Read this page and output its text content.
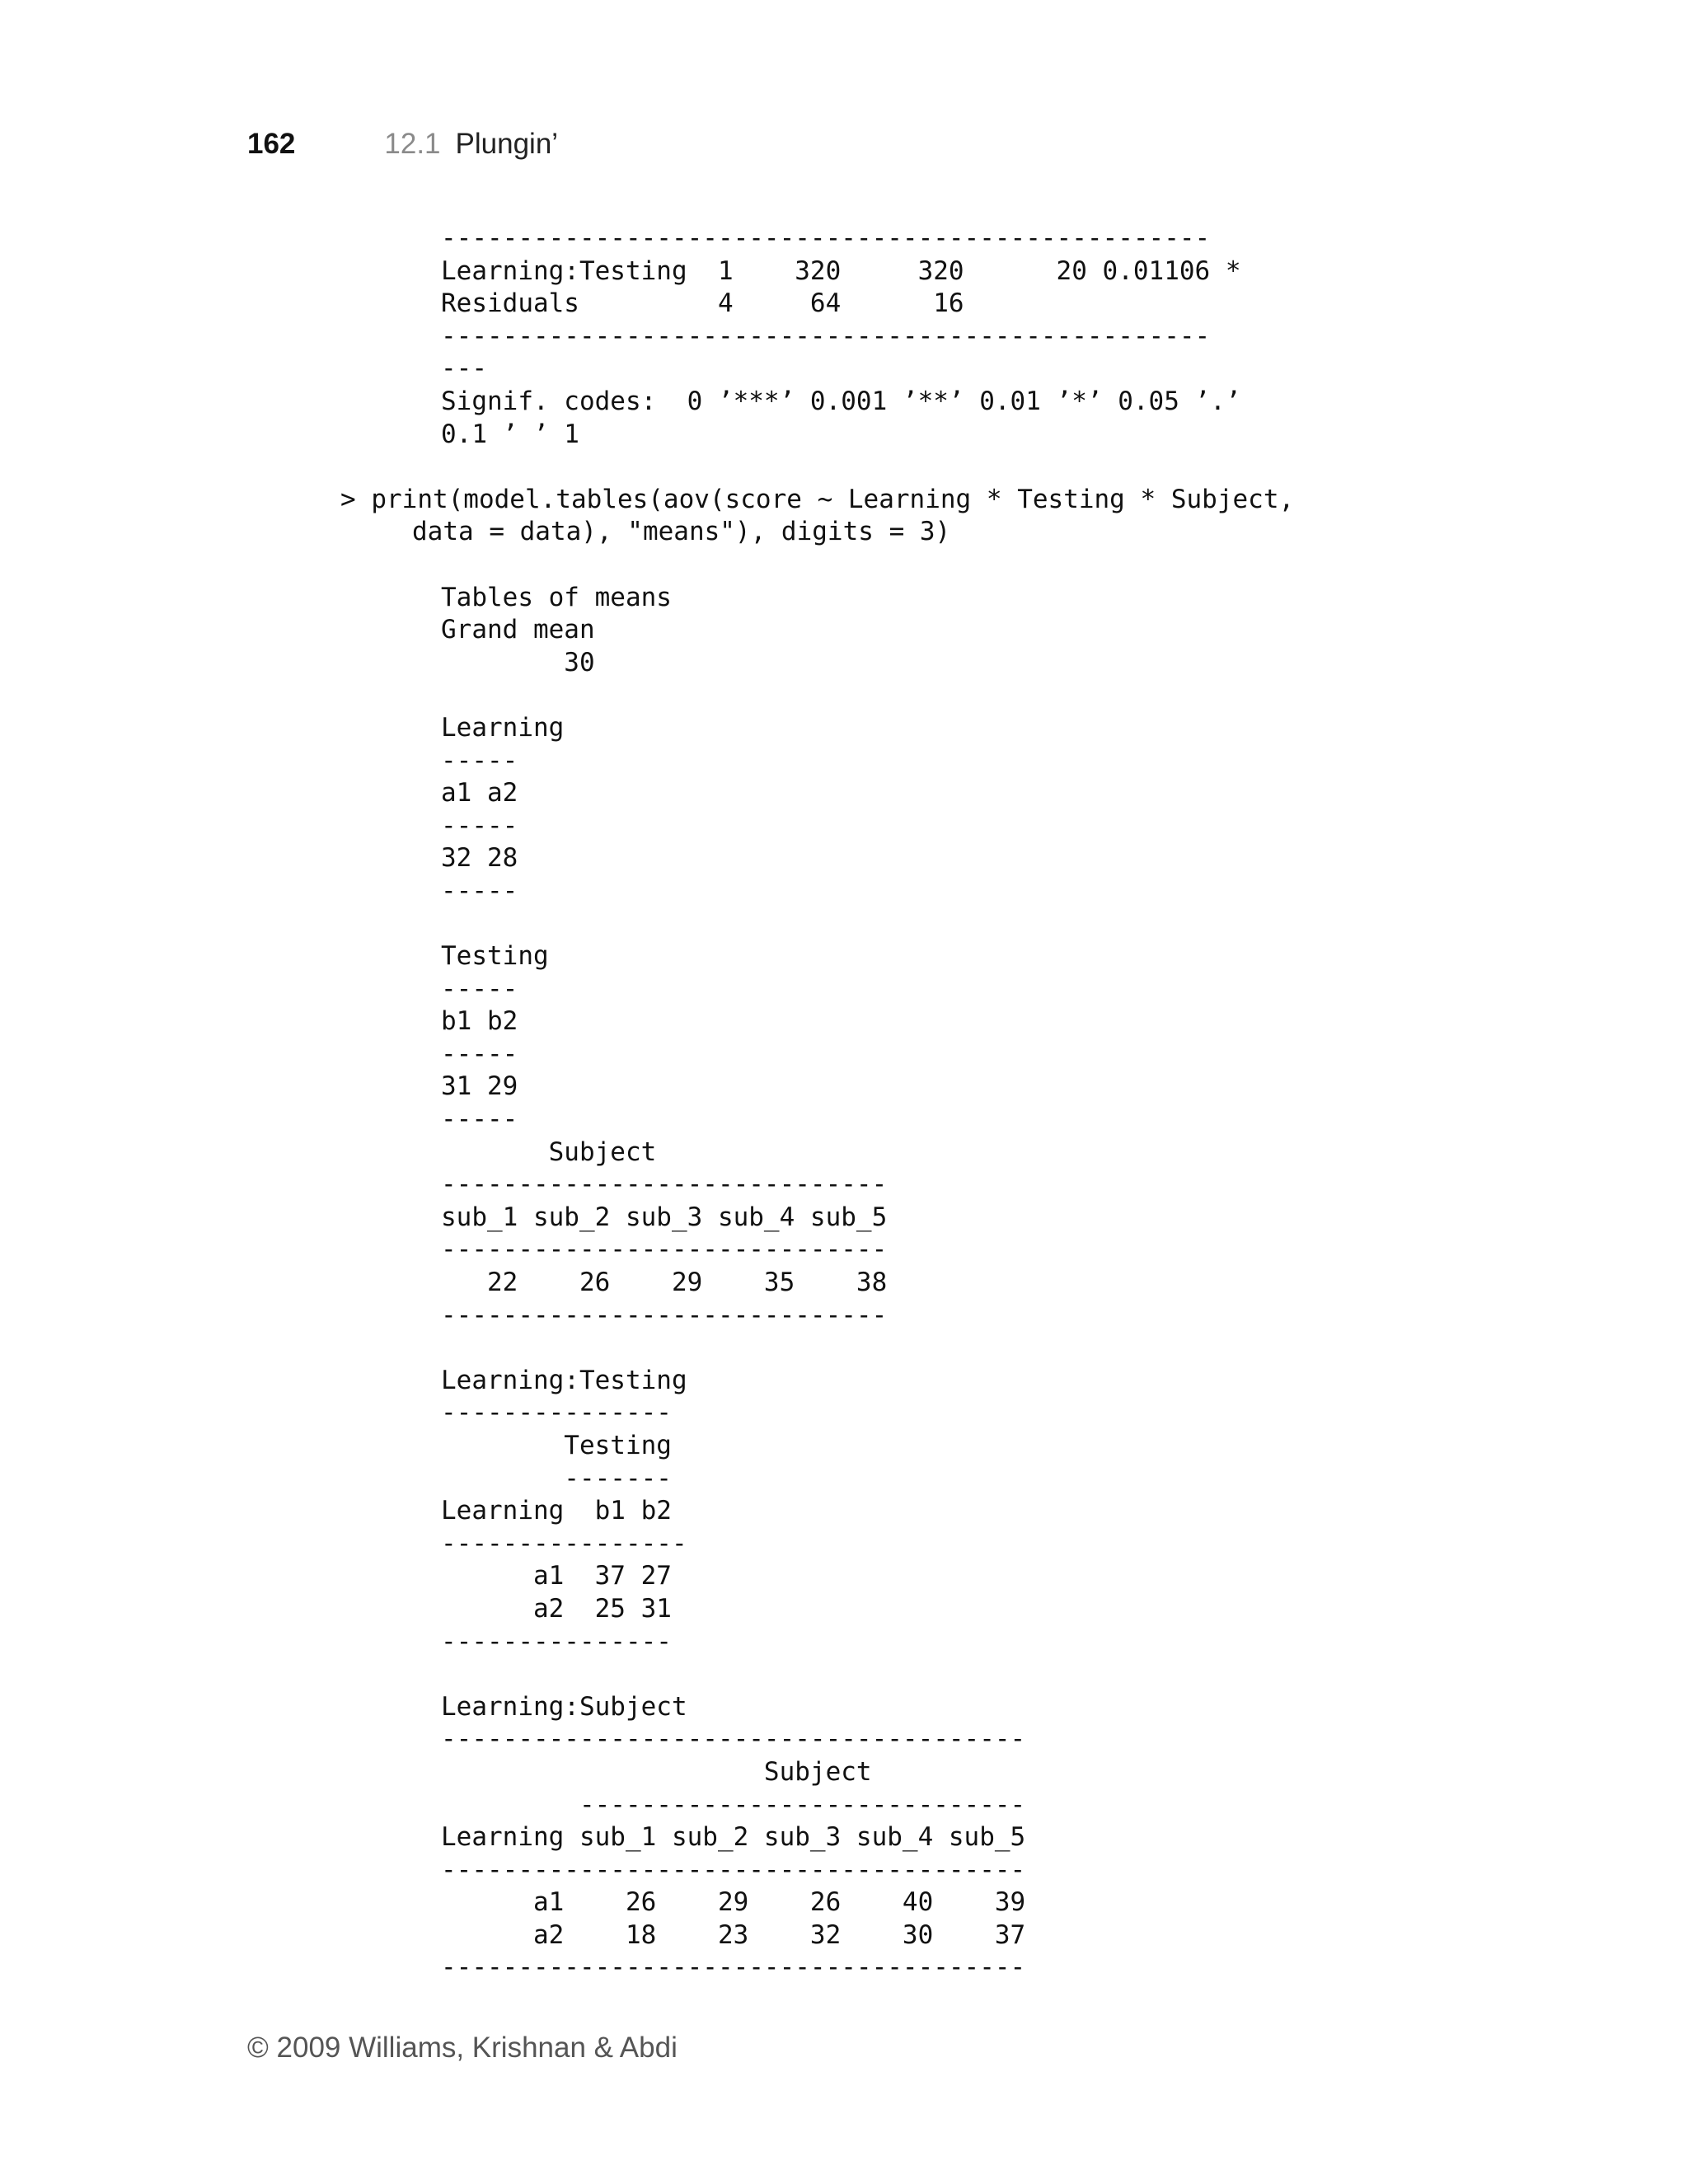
162	12.1 Plungin’
--------------------------------------------------
Learning:Testing  1    320     320      20 0.01106 *
Residuals         4     64      16
--------------------------------------------------
---
Signif. codes:  0 ’***’ 0.001 ’**’ 0.01 ’*’ 0.05 ’.’
0.1 ’ ’ 1
> print(model.tables(aov(score ~ Learning * Testing * Subject,
data = data), "means"), digits = 3)
Tables of means
Grand mean
30
Learning
-----
a1 a2
-----
32 28
-----
Testing
-----
b1 b2
-----
31 29
-----
Subject
-----------------------------
sub_1 sub_2 sub_3 sub_4 sub_5
-----------------------------
22    26    29    35    38
-----------------------------
Learning:Testing
---------------
Testing
-------
Learning  b1 b2
----------------
a1  37 27
a2  25 31
---------------
Learning:Subject
--------------------------------------
Subject
-----------------------------
Learning sub_1 sub_2 sub_3 sub_4 sub_5
--------------------------------------
a1    26    29    26    40    39
a2    18    23    32    30    37
--------------------------------------
© 2009 Williams, Krishnan & Abdi
